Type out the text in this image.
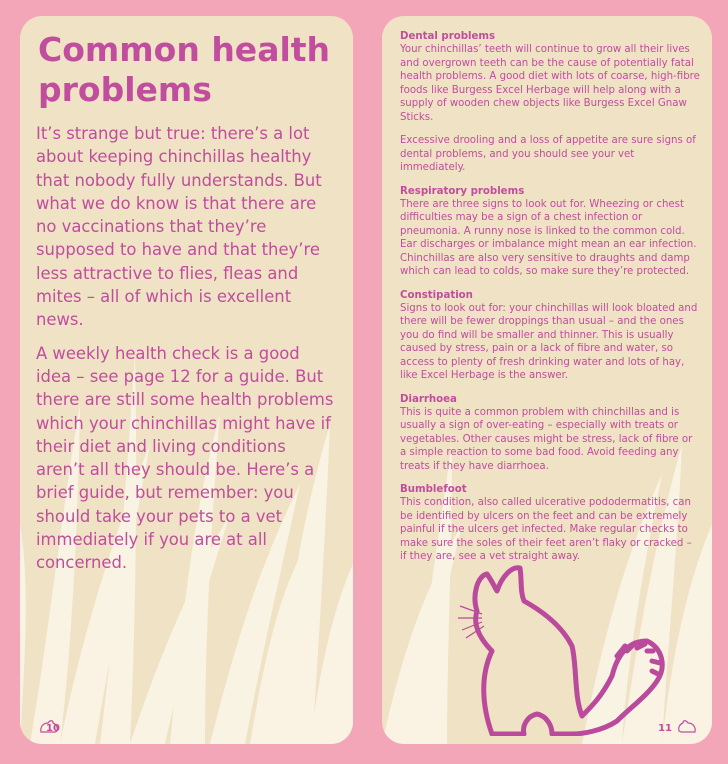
Common health problems

It’s strange but true: there’s a lot about keeping chinchillas healthy that nobody fully understands. But what we do know is that there are no vaccinations that they’re supposed to have and that they’re less attractive to flies, fleas and mites – all of which is excellent news.

A weekly health check is a good idea – see page 12 for a guide. But there are still some health problems which your chinchillas might have if their diet and living conditions aren’t all they should be. Here’s a brief guide, but remember: you should take your pets to a vet immediately if you are at all concerned.

10
Dental problems

Your chinchillas’ teeth will continue to grow all their lives and overgrown teeth can be the cause of potentially fatal health problems. A good diet with lots of coarse, high-fibre foods like Burgess Excel Herbage will help along with a supply of wooden chew objects like Burgess Excel Gnaw Sticks.

Excessive drooling and a loss of appetite are sure signs of dental problems, and you should see your vet immediately.

Respiratory problems

There are three signs to look out for. Wheezing or chest difficulties may be a sign of a chest infection or pneumonia. A runny nose is linked to the common cold. Ear discharges or imbalance might mean an ear infection. Chinchillas are also very sensitive to draughts and damp which can lead to colds, so make sure they’re protected.

Constipation

Signs to look out for: your chinchillas will look bloated and there will be fewer droppings than usual – and the ones you do find will be smaller and thinner. This is usually caused by stress, pain or a lack of fibre and water, so access to plenty of fresh drinking water and lots of hay, like Excel Herbage is the answer.

Diarrhoea

This is quite a common problem with chinchillas and is usually a sign of over-eating – especially with treats or vegetables. Other causes might be stress, lack of fibre or a simple reaction to some bad food. Avoid feeding any treats if they have diarrhoea.

Bumblefoot

This condition, also called ulcerative pododermatitis, can be identified by ulcers on the feet and can be extremely painful if the ulcers get infected. Make regular checks to make sure the soles of their feet aren’t flaky or cracked – if they are, see a vet straight away.

11
